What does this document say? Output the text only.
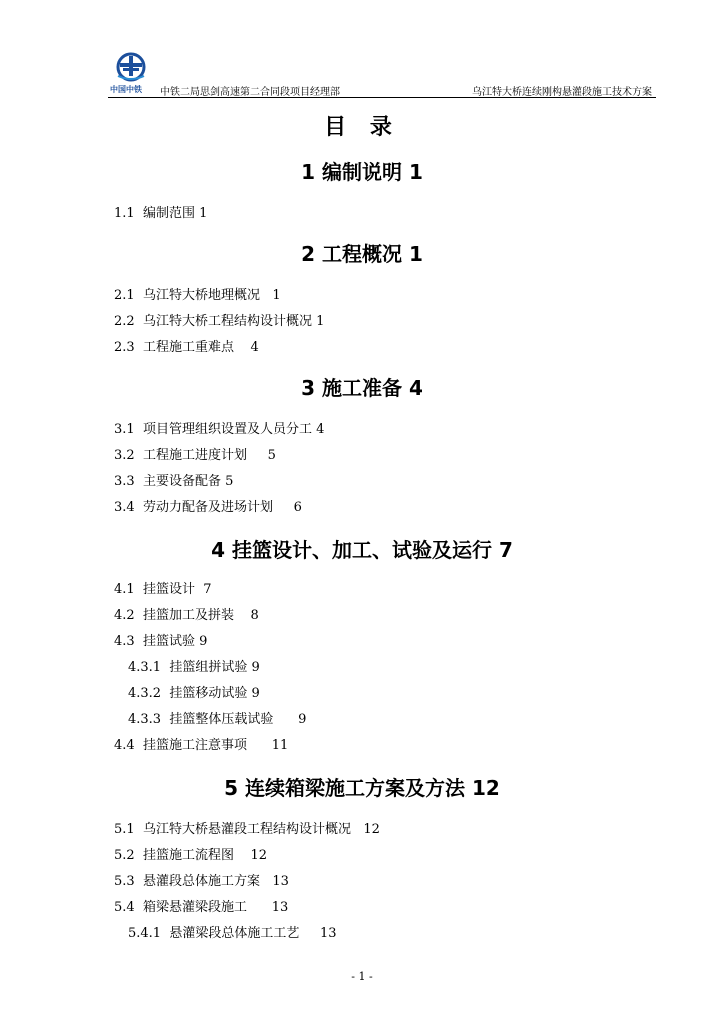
中国中铁 中铁二局思剑高速第二合同段项目经理部	乌江特大桥连续刚构悬灌段施工技术方案
目 录
1 编制说明 1
1.1  编制范围 1
2 工程概况 1
2.1  乌江特大桥地理概况   1
2.2  乌江特大桥工程结构设计概况 1
2.3  工程施工重难点    4
3 施工准备 4
3.1  项目管理组织设置及人员分工 4
3.2  工程施工进度计划     5
3.3  主要设备配备 5
3.4  劳动力配备及进场计划     6
4 挂篮设计、加工、试验及运行 7
4.1  挂篮设计  7
4.2  挂篮加工及拼装    8
4.3  挂篮试验 9
4.3.1  挂篮组拼试验 9
4.3.2  挂篮移动试验 9
4.3.3  挂篮整体压载试验      9
4.4  挂篮施工注意事项      11
5 连续箱梁施工方案及方法 12
5.1  乌江特大桥悬灌段工程结构设计概况   12
5.2  挂篮施工流程图    12
5.3  悬灌段总体施工方案   13
5.4  箱梁悬灌梁段施工      13
5.4.1  悬灌梁段总体施工工艺     13
- 1 -
